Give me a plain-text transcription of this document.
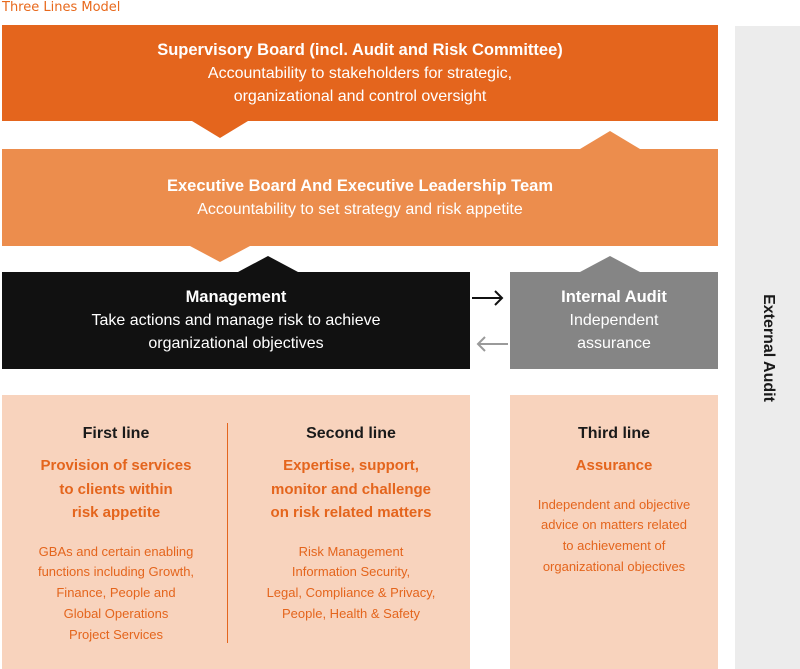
Three Lines Model
Supervisory Board (incl. Audit and Risk Committee)
Accountability to stakeholders for strategic,
organizational and control oversight
Executive Board And Executive Leadership Team
Accountability to set strategy and risk appetite
Management
Take actions and manage risk to achieve
organizational objectives
Internal Audit
Independent
assurance	External Audit
First line
Provision of services
to clients within
risk appetite
GBAs and certain enabling
functions including Growth,
Finance, People and
Global Operations
Project Services
Second line
Expertise, support,
monitor and challenge
on risk related matters
Risk Management
Information Security,
Legal, Compliance & Privacy,
People, Health & Safety
Third line
Assurance
Independent and objective
advice on matters related
to achievement of
organizational objectives
